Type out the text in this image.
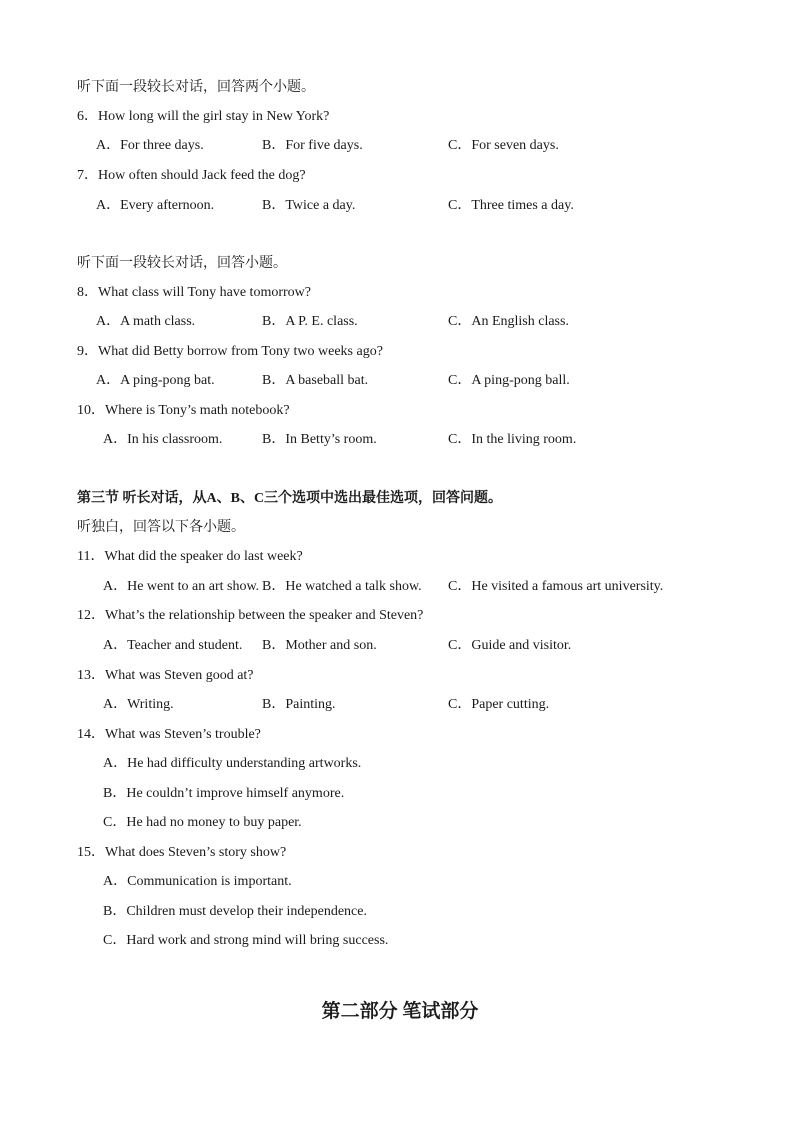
听下面一段较长对话，回答两个小题。
6．How long will the girl stay in New York?
A．For three days.	B．For five days.	C．For seven days.
7．How often should Jack feed the dog?
A．Every afternoon.	B．Twice a day.	C．Three times a day.
听下面一段较长对话，回答小题。
8．What class will Tony have tomorrow?
A．A math class.	B．A P. E. class.	C．An English class.
9．What did Betty borrow from Tony two weeks ago?
A．A ping-pong bat.	B．A baseball bat.	C．A ping-pong ball.
10．Where is Tony’s math notebook?
A．In his classroom.	B．In Betty’s room.	C．In the living room.
第三节 听长对话，从A、B、C三个选项中选出最佳选项，回答问题。
听独白，回答以下各小题。
11．What did the speaker do last week?
A．He went to an art show. B．He watched a talk show. C．He visited a famous art university.
12．What’s the relationship between the speaker and Steven?
A．Teacher and student. B．Mother and son.	C．Guide and visitor.
13．What was Steven good at?
A．Writing.	B．Painting.	C．Paper cutting.
14．What was Steven’s trouble?
A．He had difficulty understanding artworks.
B．He couldn’t improve himself anymore.
C．He had no money to buy paper.
15．What does Steven’s story show?
A．Communication is important.
B．Children must develop their independence.
C．Hard work and strong mind will bring success.
第二部分 笔试部分
